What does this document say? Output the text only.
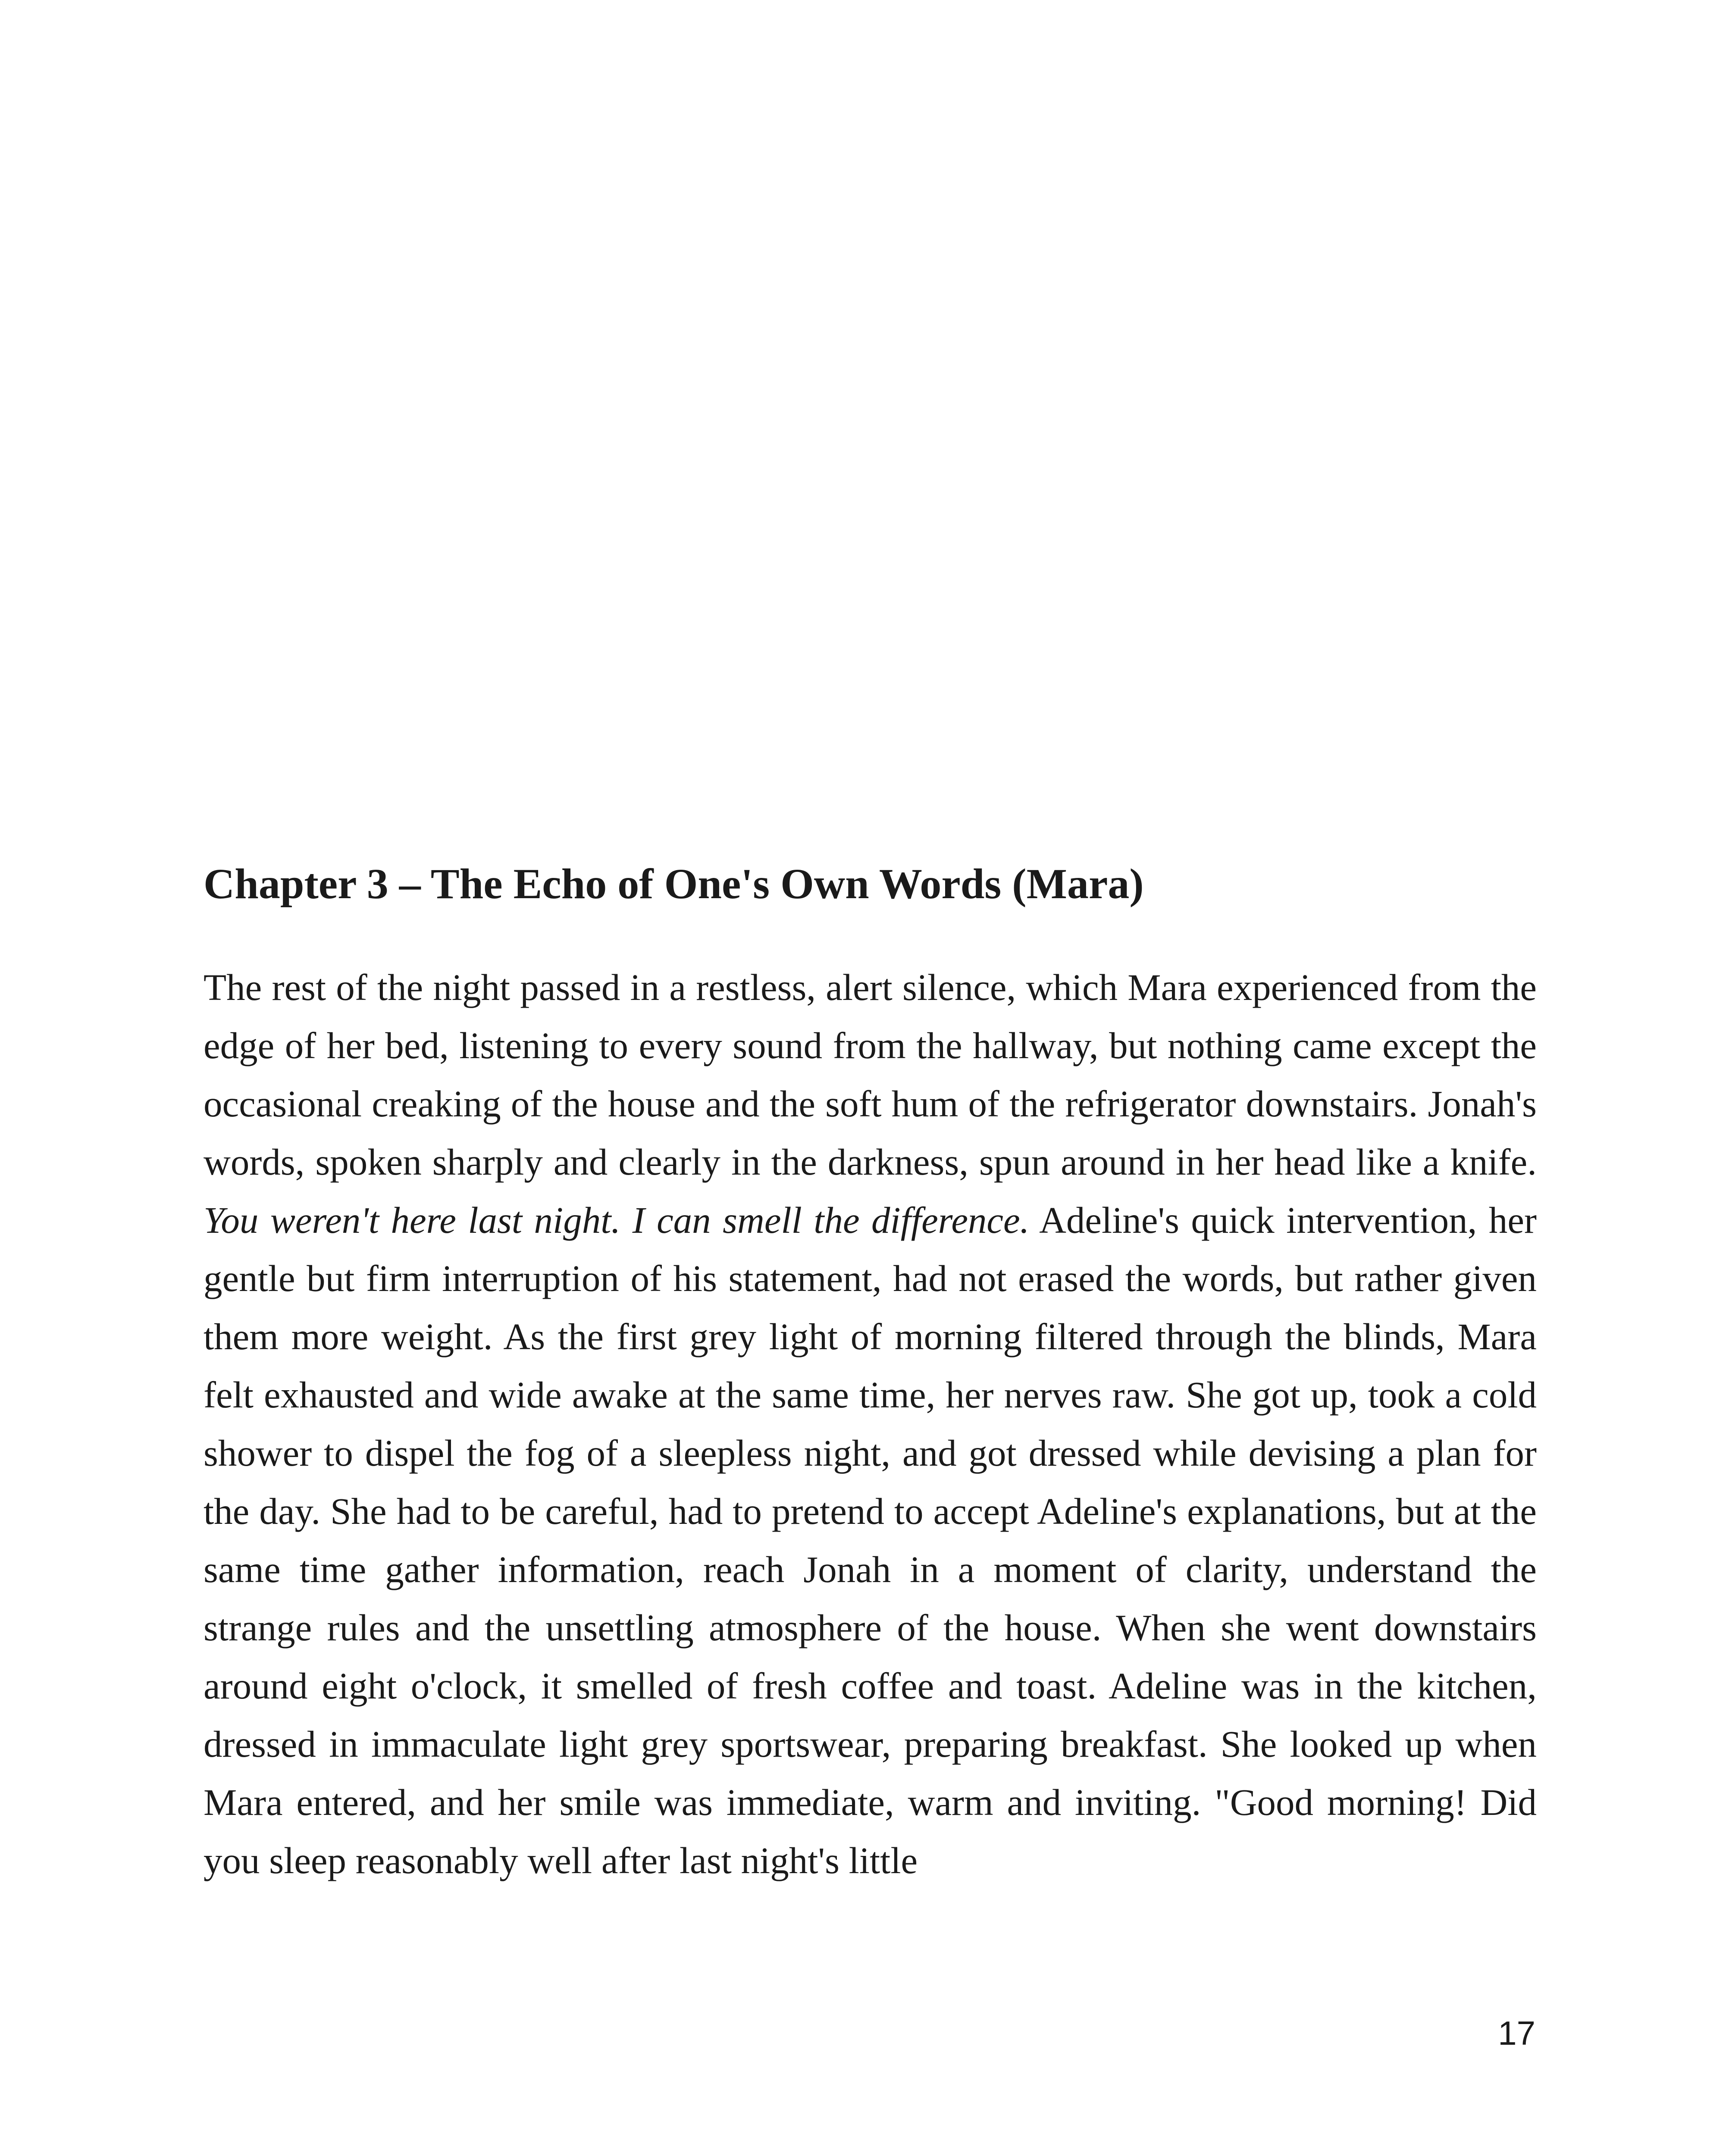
Chapter 3 – The Echo of One's Own Words (Mara)

The rest of the night passed in a restless, alert silence, which Mara experienced from the edge of her bed, listening to every sound from the hallway, but nothing came except the occasional creaking of the house and the soft hum of the refrigerator downstairs. Jonah's words, spoken sharply and clearly in the darkness, spun around in her head like a knife. You weren't here last night. I can smell the difference. Adeline's quick intervention, her gentle but firm interruption of his statement, had not erased the words, but rather given them more weight. As the first grey light of morning filtered through the blinds, Mara felt exhausted and wide awake at the same time, her nerves raw. She got up, took a cold shower to dispel the fog of a sleepless night, and got dressed while devising a plan for the day. She had to be careful, had to pretend to accept Adeline's explanations, but at the same time gather information, reach Jonah in a moment of clarity, understand the strange rules and the unsettling atmosphere of the house. When she went downstairs around eight o'clock, it smelled of fresh coffee and toast. Adeline was in the kitchen, dressed in immaculate light grey sportswear, preparing breakfast. She looked up when Mara entered, and her smile was immediate, warm and inviting. "Good morning! Did you sleep reasonably well after last night's little

17
